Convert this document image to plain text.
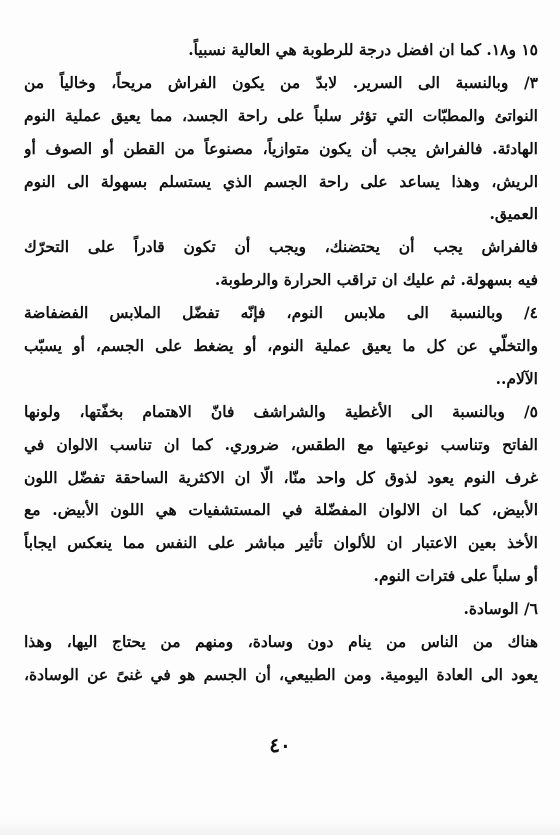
١٥ و١٨. كما ان افضل درجة للرطوبة هي العالية نسبياً.
٣/ وبالنسبة الى السرير. لابدّ من يكون الفراش مريحاً، وخالياً من
النواتئ والمطبّات التي تؤثر سلباً على راحة الجسد، مما يعيق عملية النوم
الهادئة. فالفراش يجب أن يكون متوازياً، مصنوعاً من القطن أو الصوف أو
الريش، وهذا يساعد على راحة الجسم الذي يستسلم بسهولة الى النوم
العميق.
فالفراش يجب أن يحتضنك، ويجب أن تكون قادراً على التحرّك
فيه بسهولة. ثم عليك ان تراقب الحرارة والرطوبة.
٤/ وبالنسبة الى ملابس النوم، فإنّه تفضّل الملابس الفضفاضة
والتخلّي عن كل ما يعيق عملية النوم، أو يضغط على الجسم، أو يسبّب
الآلام..
٥/ وبالنسبة الى الأغطية والشراشف فانّ الاهتمام بخفّتها، ولونها
الفاتح وتناسب نوعيتها مع الطقس، ضروري. كما ان تناسب الالوان في
غرف النوم يعود لذوق كل واحد منّا، الّا ان الاكثرية الساحقة تفضّل اللون
الأبيض، كما ان الالوان المفضّلة في المستشفيات هي اللون الأبيض. مع
الأخذ بعين الاعتبار ان للألوان تأثير مباشر على النفس مما ينعكس ايجاباً
أو سلباً على فترات النوم.
٦/ الوسادة.
هناك من الناس من ينام دون وسادة، ومنهم من يحتاج اليها، وهذا
يعود الى العادة اليومية. ومن الطبيعي، أن الجسم هو في غنىً عن الوسادة،
٤٠
